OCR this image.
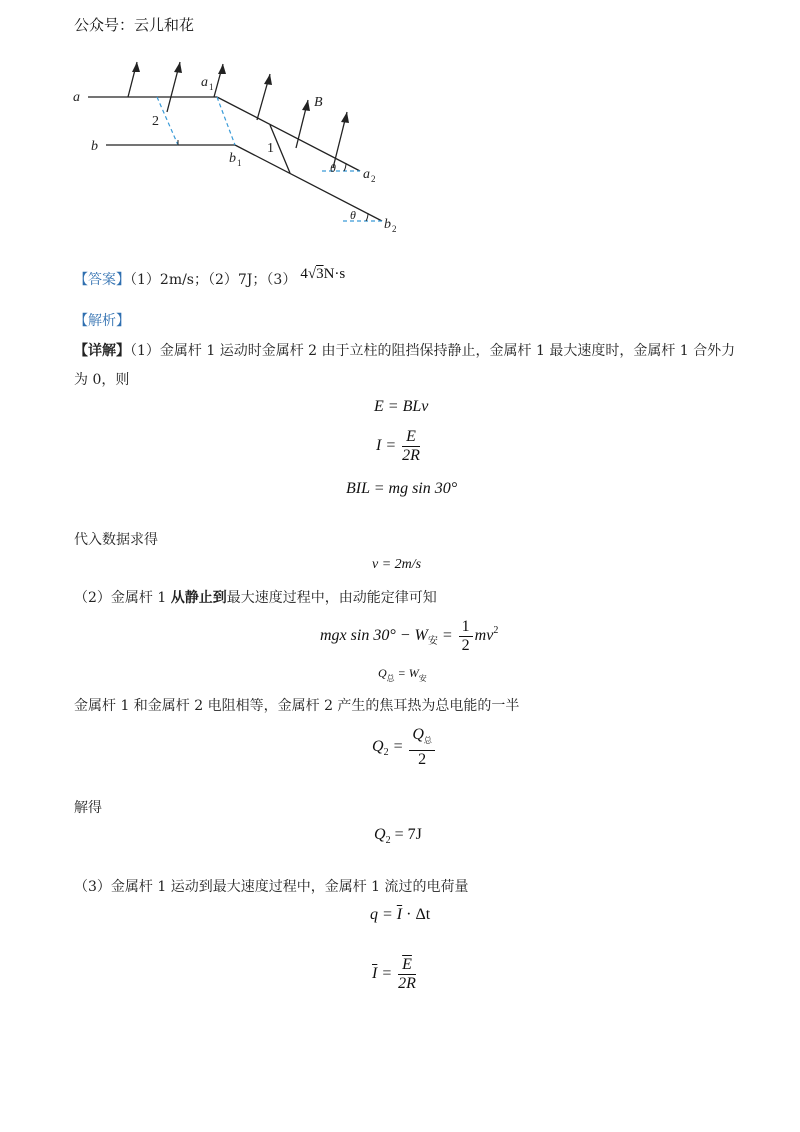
公众号：云儿和花
a
b
a 1
b 1
a 2
b 2
B
θ
θ
2
1
【答案】（1）2m/s；（2）7J；（3） 4√3N·s
【解析】
【详解】（1）金属杆 1 运动时金属杆 2 由于立柱的阻挡保持静止，金属杆 1 最大速度时，金属杆 1 合外力
为 0，则
E = BLv
$I = \frac{E}{2R}$
BIL = mg sin 30°
代入数据求得
v = 2m/s
（2）金属杆 1 从静止到最大速度过程中，由动能定律可知
mgx $\sin 30^\circ - W_安 = \frac{1}{2} mv^2$
$Q_总 = W_安$
金属杆 1 和金属杆 2 电阻相等，金属杆 2 产生的焦耳热为总电能的一半
$Q_2 = \frac{Q_总}{2}$
解得
$Q_2 = 7J$
（3）金属杆 1 运动到最大速度过程中，金属杆 1 流过的电荷量
$q = \overline{I} \cdot \Delta t$
$\overline{I} = \frac{\overline{E}}{2R}$
